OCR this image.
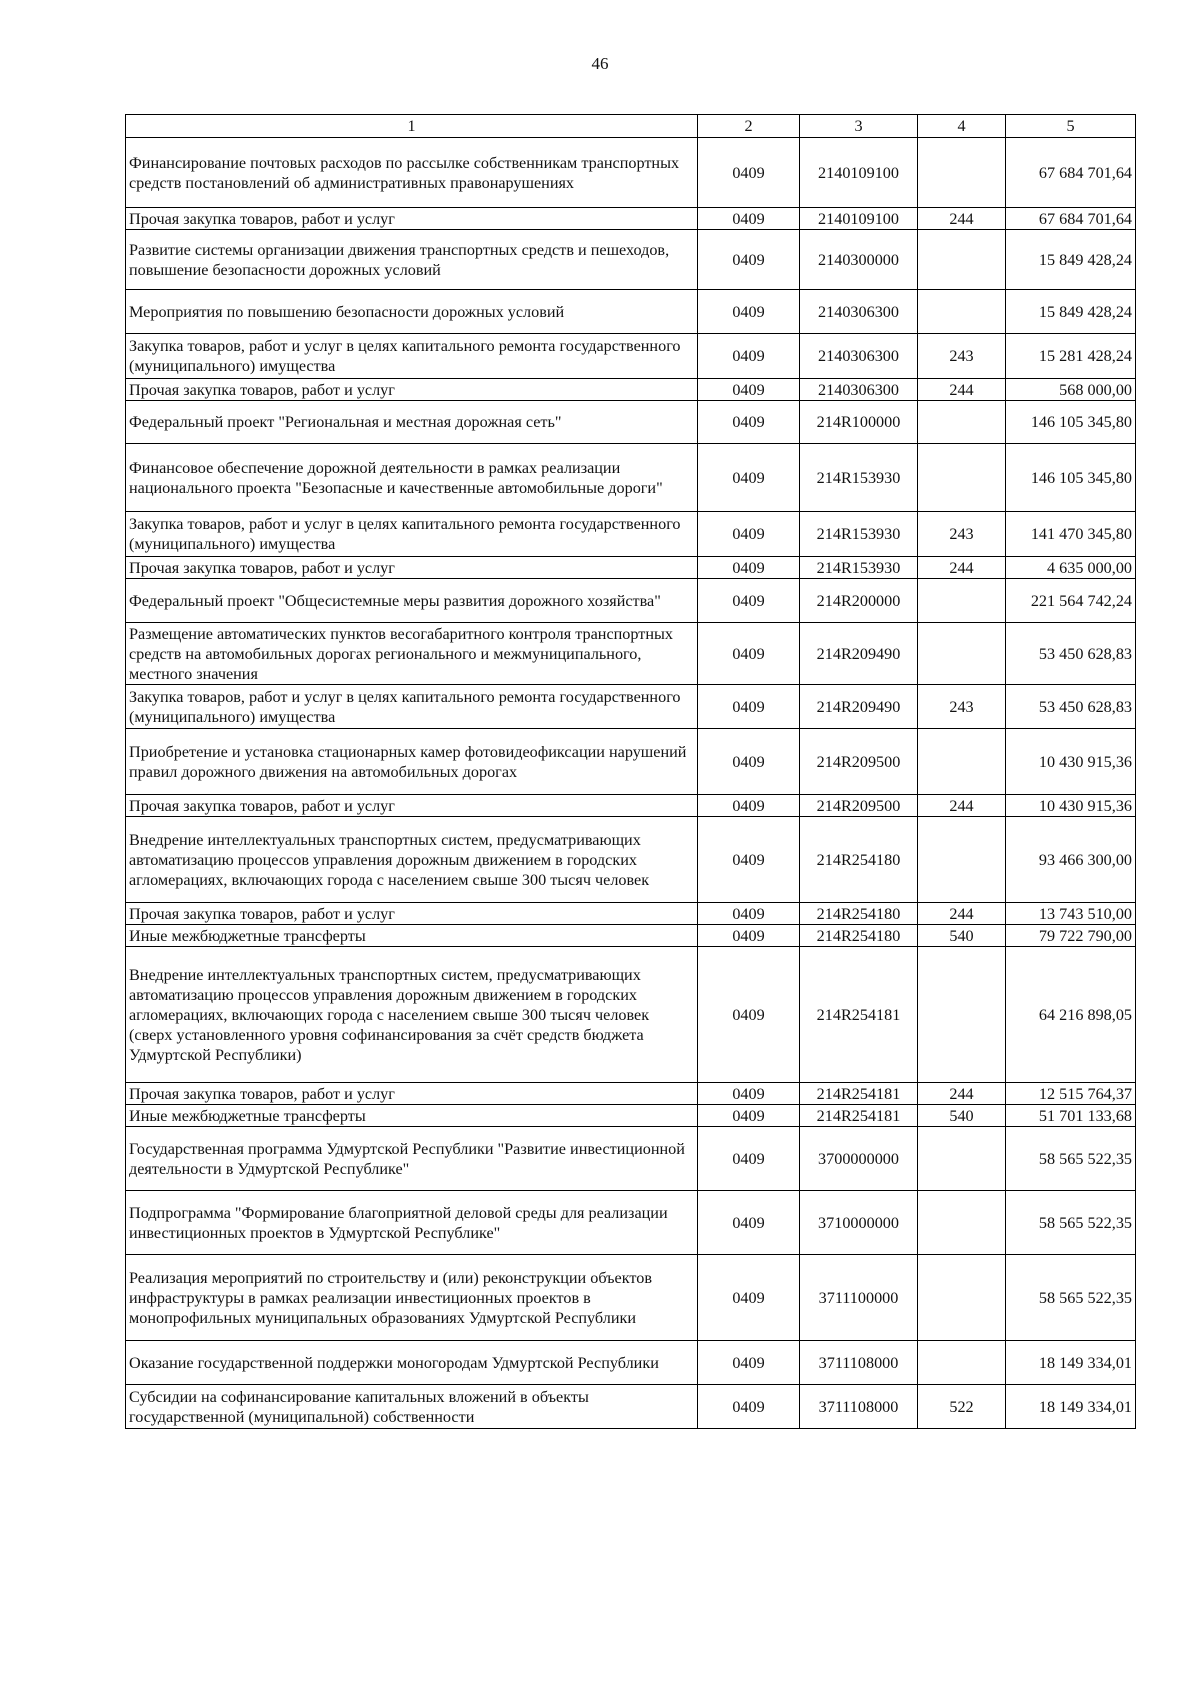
46
1	2	3	4	5
Финансирование почтовых расходов по рассылке собственникам транспортных средств постановлений об административных правонарушениях	0409	2140109100		67 684 701,64
Прочая закупка товаров, работ и услуг	0409	2140109100	244	67 684 701,64
Развитие системы организации движения транспортных средств и пешеходов, повышение безопасности дорожных условий	0409	2140300000		15 849 428,24
Мероприятия по повышению безопасности дорожных условий	0409	2140306300		15 849 428,24
Закупка товаров, работ и услуг в целях капитального ремонта государственного (муниципального) имущества	0409	2140306300	243	15 281 428,24
Прочая закупка товаров, работ и услуг	0409	2140306300	244	568 000,00
Федеральный проект "Региональная и местная дорожная сеть"	0409	214R100000		146 105 345,80
Финансовое обеспечение дорожной деятельности в рамках реализации национального проекта "Безопасные и качественные автомобильные дороги"	0409	214R153930		146 105 345,80
Закупка товаров, работ и услуг в целях капитального ремонта государственного (муниципального) имущества	0409	214R153930	243	141 470 345,80
Прочая закупка товаров, работ и услуг	0409	214R153930	244	4 635 000,00
Федеральный проект "Общесистемные меры развития дорожного хозяйства"	0409	214R200000		221 564 742,24
Размещение автоматических пунктов весогабаритного контроля транспортных средств на автомобильных дорогах регионального и межмуниципального, местного значения	0409	214R209490		53 450 628,83
Закупка товаров, работ и услуг в целях капитального ремонта государственного (муниципального) имущества	0409	214R209490	243	53 450 628,83
Приобретение и установка стационарных камер фотовидеофиксации нарушений правил дорожного движения на автомобильных дорогах	0409	214R209500		10 430 915,36
Прочая закупка товаров, работ и услуг	0409	214R209500	244	10 430 915,36
Внедрение интеллектуальных транспортных систем, предусматривающих автоматизацию процессов управления дорожным движением в городских агломерациях, включающих города с населением свыше 300 тысяч человек	0409	214R254180		93 466 300,00
Прочая закупка товаров, работ и услуг	0409	214R254180	244	13 743 510,00
Иные межбюджетные трансферты	0409	214R254180	540	79 722 790,00
Внедрение интеллектуальных транспортных систем, предусматривающих автоматизацию процессов управления дорожным движением в городских агломерациях, включающих города с населением свыше 300 тысяч человек (сверх установленного уровня софинансирования за счёт средств бюджета Удмуртской Республики)	0409	214R254181		64 216 898,05
Прочая закупка товаров, работ и услуг	0409	214R254181	244	12 515 764,37
Иные межбюджетные трансферты	0409	214R254181	540	51 701 133,68
Государственная программа Удмуртской Республики "Развитие инвестиционной деятельности в Удмуртской Республике"	0409	3700000000		58 565 522,35
Подпрограмма "Формирование благоприятной деловой среды для реализации инвестиционных проектов в Удмуртской Республике"	0409	3710000000		58 565 522,35
Реализация мероприятий по строительству и (или) реконструкции объектов инфраструктуры в рамках реализации инвестиционных проектов в монопрофильных муниципальных образованиях Удмуртской Республики	0409	3711100000		58 565 522,35
Оказание государственной поддержки моногородам Удмуртской Республики	0409	3711108000		18 149 334,01
Субсидии на софинансирование капитальных вложений в объекты государственной (муниципальной) собственности	0409	3711108000	522	18 149 334,01
